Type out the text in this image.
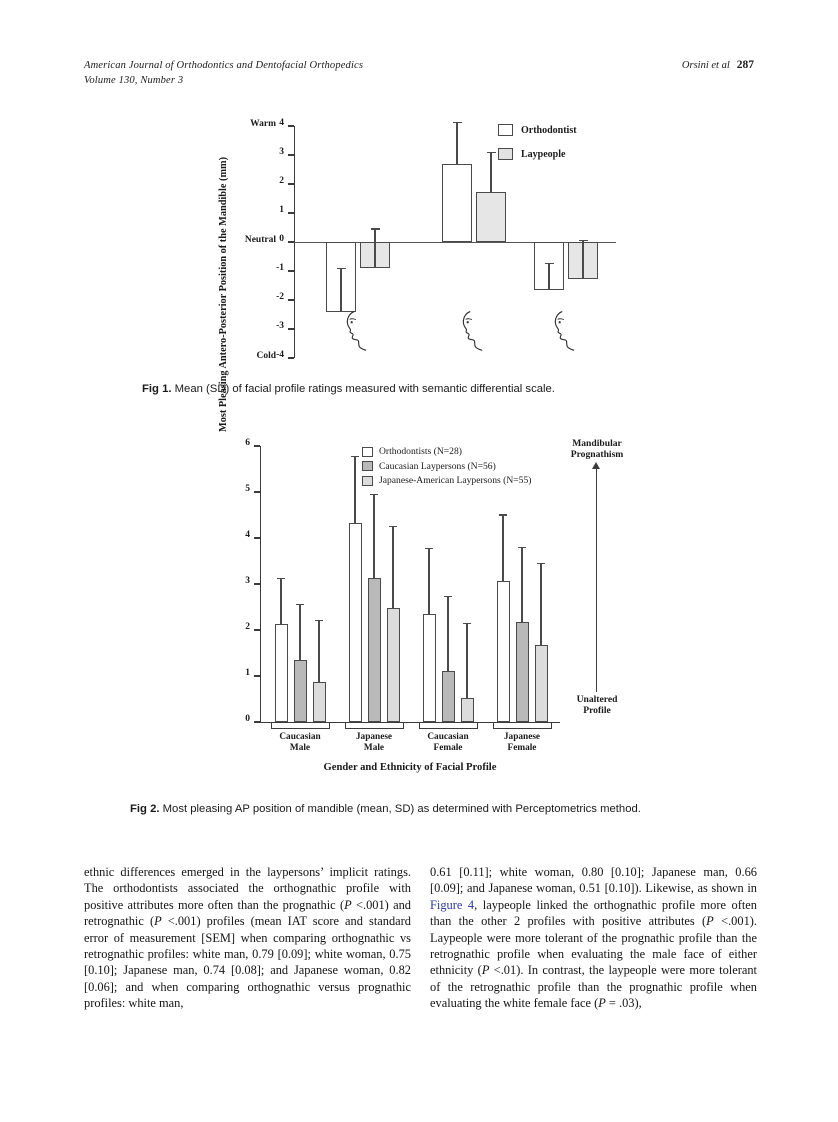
American Journal of Orthodontics and Dentofacial Orthopedics
Volume 130, Number 3
Orsini et al 287
4
3
2
1
0
-1
-2
-3
-4
Warm
Neutral
Cold
Orthodontist
Laypeople
Fig 1. Mean (SD) of facial profile ratings measured with semantic differential scale.
Most Pleasing Antero-Posterior Position of the Mandible (mm)
0
1
2
3
4
5
6
Caucasian
Male
Japanese
Male
Caucasian
Female
Japanese
Female
Gender and Ethnicity of Facial Profile
Orthodontists (N=28)
Caucasian Laypersons (N=56)
Japanese-American Laypersons (N=55)
Mandibular
Prognathism
Unaltered
Profile
Fig 2. Most pleasing AP position of mandible (mean, SD) as determined with Perceptometrics method.
ethnic differences emerged in the laypersons’ implicit ratings. The orthodontists associated the orthognathic profile with positive attributes more often than the prognathic (P <.001) and retrognathic (P <.001) profiles (mean IAT score and standard error of measurement [SEM] when comparing orthognathic vs retrognathic profiles: white man, 0.79 [0.09]; white woman, 0.75 [0.10]; Japanese man, 0.74 [0.08]; and Japanese woman, 0.82 [0.06]; and when comparing orthognathic versus prognathic profiles: white man,
0.61 [0.11]; white woman, 0.80 [0.10]; Japanese man, 0.66 [0.09]; and Japanese woman, 0.51 [0.10]). Likewise, as shown in Figure 4, laypeople linked the orthognathic profile more often than the other 2 profiles with positive attributes (P <.001). Laypeople were more tolerant of the prognathic profile than the retrognathic profile when evaluating the male face of either ethnicity (P <.01). In contrast, the laypeople were more tolerant of the retrognathic profile than the prognathic profile when evaluating the white female face (P = .03),
